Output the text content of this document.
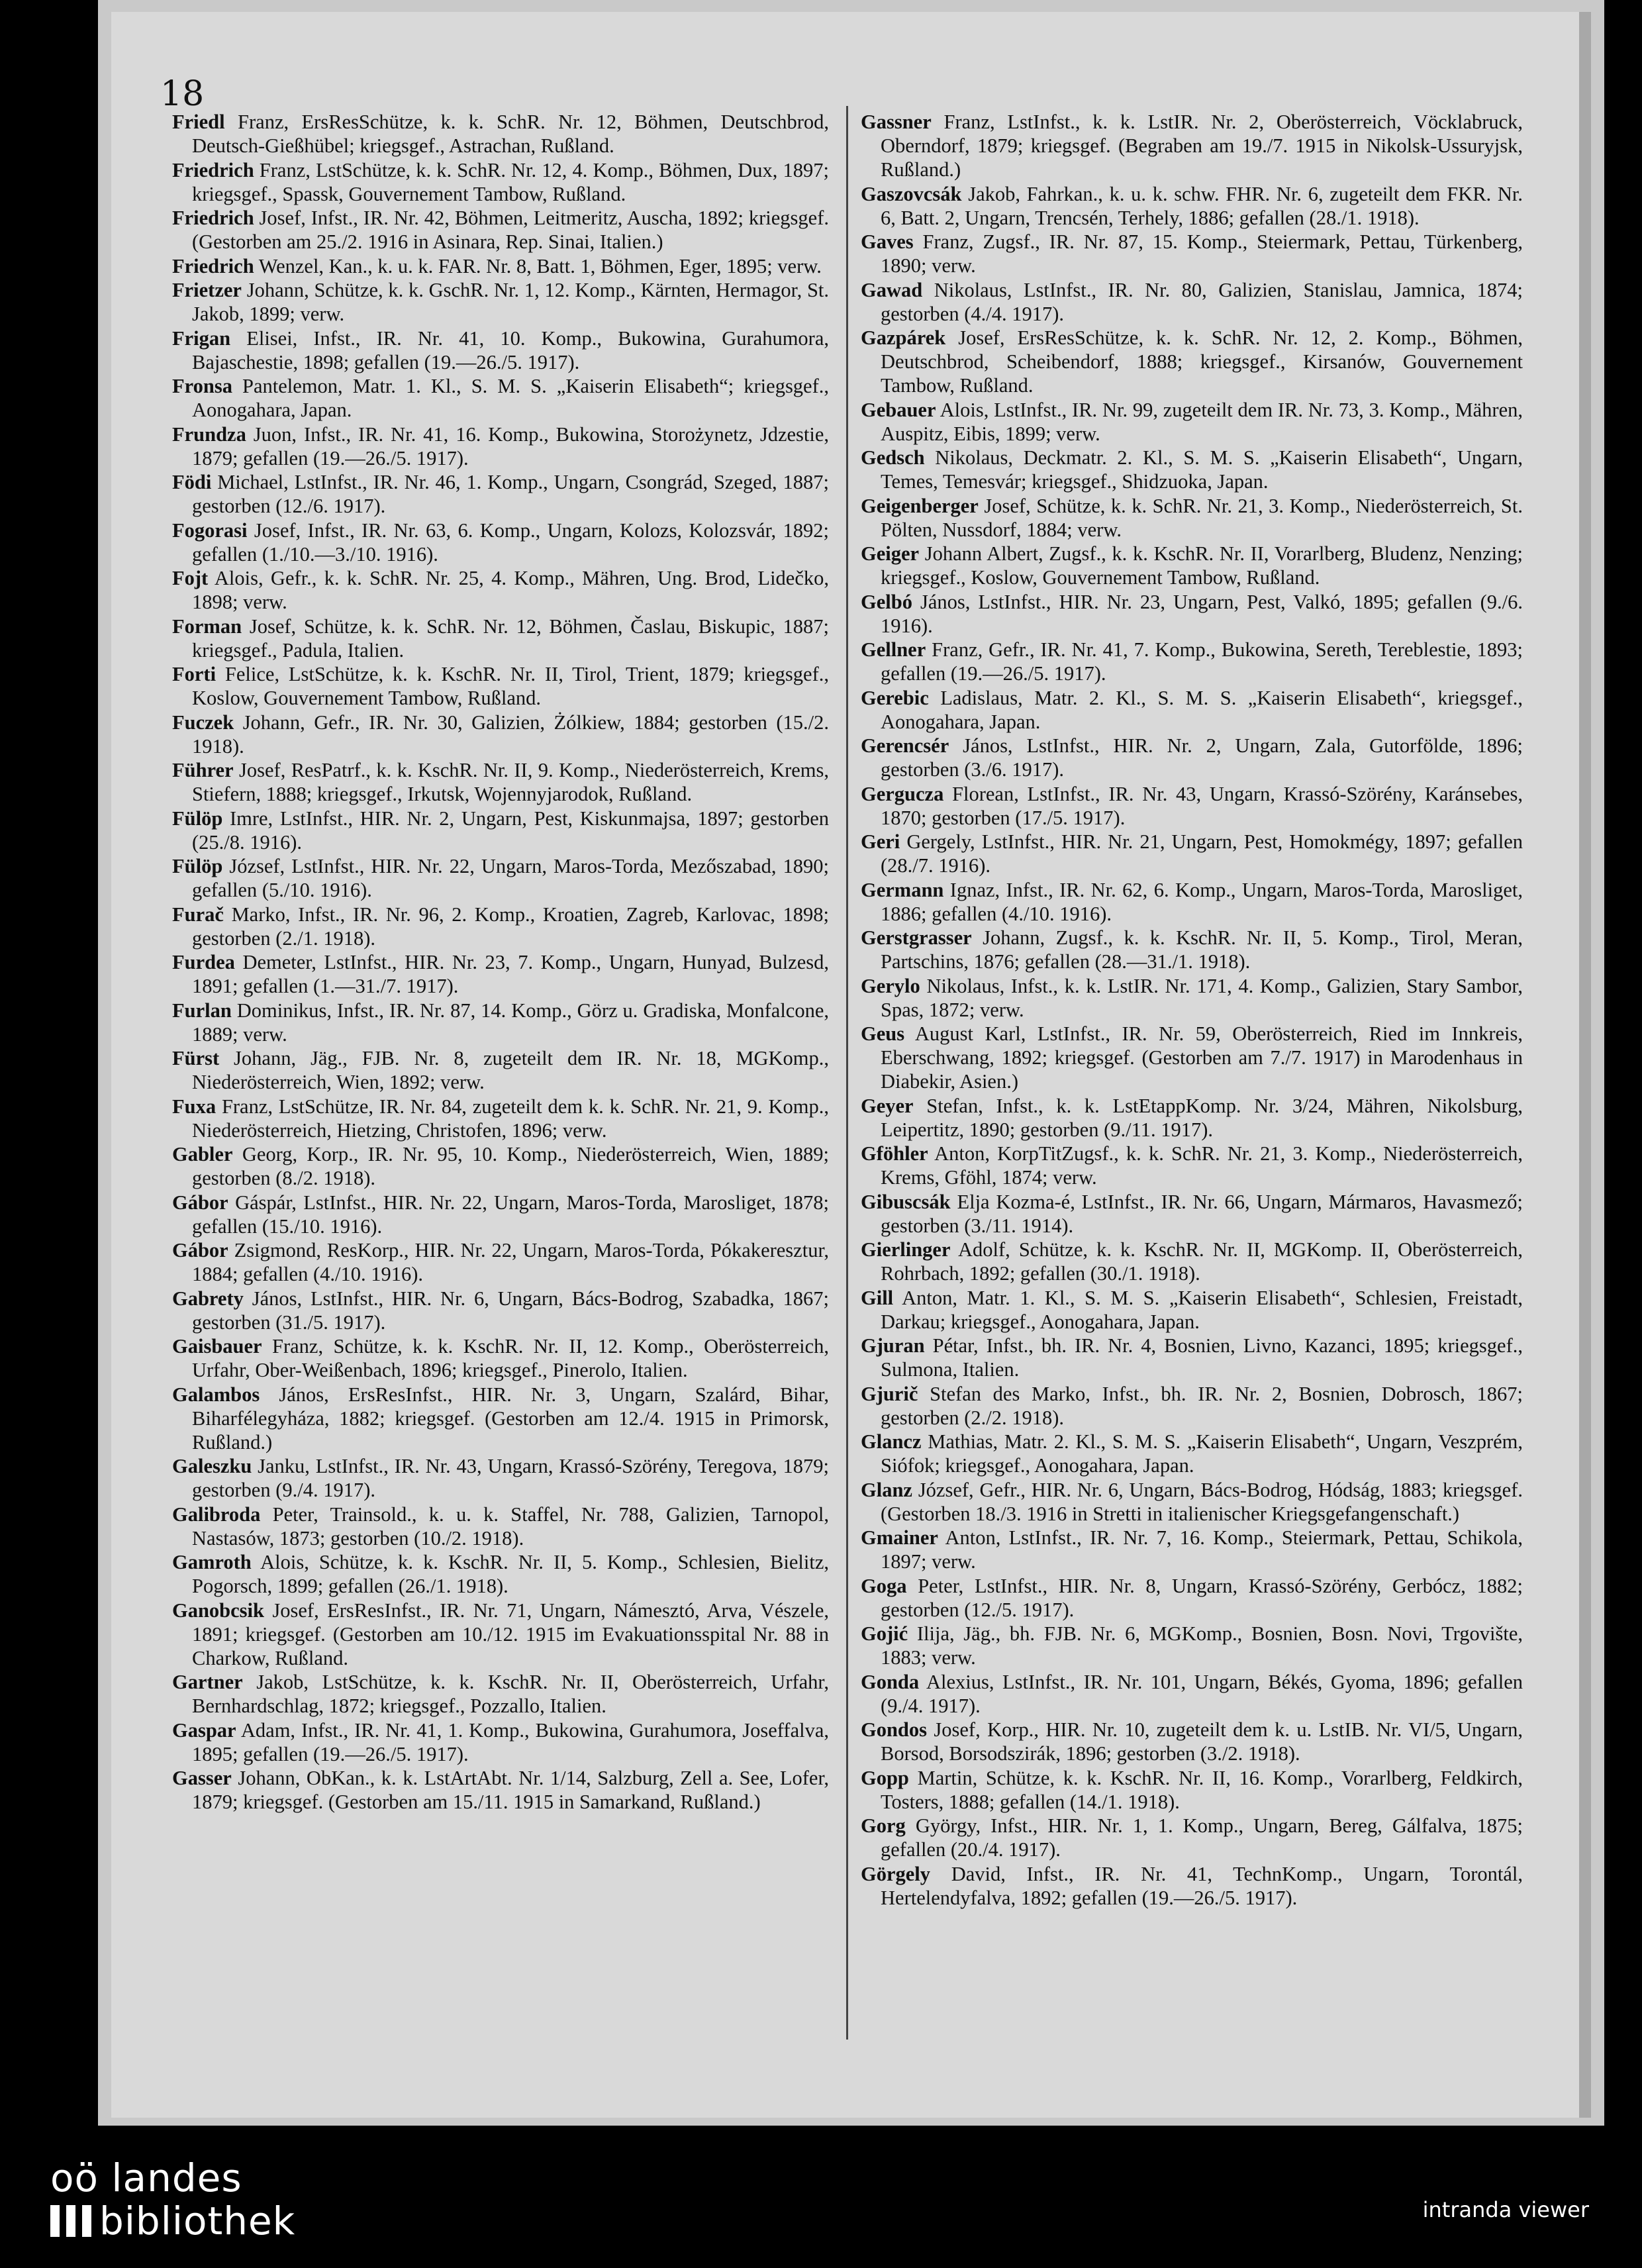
18
Friedl Franz, ErsResSchütze, k. k. SchR. Nr. 12, Böhmen, Deutschbrod, Deutsch-Gießhübel; kriegsgef., Astrachan, Rußland.
Friedrich Franz, LstSchütze, k. k. SchR. Nr. 12, 4. Komp., Böhmen, Dux, 1897; kriegsgef., Spassk, Gouvernement Tambow, Rußland.
Friedrich Josef, Infst., IR. Nr. 42, Böhmen, Leitmeritz, Auscha, 1892; kriegsgef. (Gestorben am 25./2. 1916 in Asinara, Rep. Sinai, Italien.)
Friedrich Wenzel, Kan., k. u. k. FAR. Nr. 8, Batt. 1, Böhmen, Eger, 1895; verw.
Frietzer Johann, Schütze, k. k. GschR. Nr. 1, 12. Komp., Kärnten, Hermagor, St. Jakob, 1899; verw.
Frigan Elisei, Infst., IR. Nr. 41, 10. Komp., Bukowina, Gurahumora, Bajaschestie, 1898; gefallen (19.—26./5. 1917).
Fronsa Pantelemon, Matr. 1. Kl., S. M. S. „Kaiserin Elisabeth“; kriegsgef., Aonogahara, Japan.
Frundza Juon, Infst., IR. Nr. 41, 16. Komp., Bukowina, Storożynetz, Jdzestie, 1879; gefallen (19.—26./5. 1917).
Födi Michael, LstInfst., IR. Nr. 46, 1. Komp., Ungarn, Csongrád, Szeged, 1887; gestorben (12./6. 1917).
Fogorasi Josef, Infst., IR. Nr. 63, 6. Komp., Ungarn, Kolozs, Kolozsvár, 1892; gefallen (1./10.—3./10. 1916).
Fojt Alois, Gefr., k. k. SchR. Nr. 25, 4. Komp., Mähren, Ung. Brod, Lidečko, 1898; verw.
Forman Josef, Schütze, k. k. SchR. Nr. 12, Böhmen, Časlau, Biskupic, 1887; kriegsgef., Padula, Italien.
Forti Felice, LstSchütze, k. k. KschR. Nr. II, Tirol, Trient, 1879; kriegsgef., Koslow, Gouvernement Tambow, Rußland.
Fuczek Johann, Gefr., IR. Nr. 30, Galizien, Żólkiew, 1884; gestorben (15./2. 1918).
Führer Josef, ResPatrf., k. k. KschR. Nr. II, 9. Komp., Niederösterreich, Krems, Stiefern, 1888; kriegsgef., Irkutsk, Wojennyjarodok, Rußland.
Fülöp Imre, LstInfst., HIR. Nr. 2, Ungarn, Pest, Kiskunmajsa, 1897; gestorben (25./8. 1916).
Fülöp József, LstInfst., HIR. Nr. 22, Ungarn, Maros-Torda, Mezőszabad, 1890; gefallen (5./10. 1916).
Furač Marko, Infst., IR. Nr. 96, 2. Komp., Kroatien, Zagreb, Karlovac, 1898; gestorben (2./1. 1918).
Furdea Demeter, LstInfst., HIR. Nr. 23, 7. Komp., Ungarn, Hunyad, Bulzesd, 1891; gefallen (1.—31./7. 1917).
Furlan Dominikus, Infst., IR. Nr. 87, 14. Komp., Görz u. Gradiska, Monfalcone, 1889; verw.
Fürst Johann, Jäg., FJB. Nr. 8, zugeteilt dem IR. Nr. 18, MGKomp., Niederösterreich, Wien, 1892; verw.
Fuxa Franz, LstSchütze, IR. Nr. 84, zugeteilt dem k. k. SchR. Nr. 21, 9. Komp., Niederösterreich, Hietzing, Christofen, 1896; verw.
Gabler Georg, Korp., IR. Nr. 95, 10. Komp., Niederösterreich, Wien, 1889; gestorben (8./2. 1918).
Gábor Gáspár, LstInfst., HIR. Nr. 22, Ungarn, Maros-Torda, Marosliget, 1878; gefallen (15./10. 1916).
Gábor Zsigmond, ResKorp., HIR. Nr. 22, Ungarn, Maros-Torda, Pókakeresztur, 1884; gefallen (4./10. 1916).
Gabrety János, LstInfst., HIR. Nr. 6, Ungarn, Bács-Bodrog, Szabadka, 1867; gestorben (31./5. 1917).
Gaisbauer Franz, Schütze, k. k. KschR. Nr. II, 12. Komp., Oberösterreich, Urfahr, Ober-Weißenbach, 1896; kriegsgef., Pinerolo, Italien.
Galambos János, ErsResInfst., HIR. Nr. 3, Ungarn, Szalárd, Bihar, Biharfélegyháza, 1882; kriegsgef. (Gestorben am 12./4. 1915 in Primorsk, Rußland.)
Galeszku Janku, LstInfst., IR. Nr. 43, Ungarn, Krassó-Szörény, Teregova, 1879; gestorben (9./4. 1917).
Galibroda Peter, Trainsold., k. u. k. Staffel, Nr. 788, Galizien, Tarnopol, Nastasów, 1873; gestorben (10./2. 1918).
Gamroth Alois, Schütze, k. k. KschR. Nr. II, 5. Komp., Schlesien, Bielitz, Pogorsch, 1899; gefallen (26./1. 1918).
Ganobcsik Josef, ErsResInfst., IR. Nr. 71, Ungarn, Námesztó, Arva, Vészele, 1891; kriegsgef. (Gestorben am 10./12. 1915 im Evakuationsspital Nr. 88 in Charkow, Rußland.
Gartner Jakob, LstSchütze, k. k. KschR. Nr. II, Oberösterreich, Urfahr, Bernhardschlag, 1872; kriegsgef., Pozzallo, Italien.
Gaspar Adam, Infst., IR. Nr. 41, 1. Komp., Bukowina, Gurahumora, Josеffalva, 1895; gefallen (19.—26./5. 1917).
Gasser Johann, ObKan., k. k. LstArtAbt. Nr. 1/14, Salzburg, Zell a. See, Lofer, 1879; kriegsgef. (Gestorben am 15./11. 1915 in Samarkand, Rußland.)
Gassner Franz, LstInfst., k. k. LstIR. Nr. 2, Oberösterreich, Vöcklabruck, Oberndorf, 1879; kriegsgef. (Begraben am 19./7. 1915 in Nikolsk-Ussuryjsk, Rußland.)
Gaszovcsák Jakob, Fahrkan., k. u. k. schw. FHR. Nr. 6, zugeteilt dem FKR. Nr. 6, Batt. 2, Ungarn, Trencsén, Terhely, 1886; gefallen (28./1. 1918).
Gaves Franz, Zugsf., IR. Nr. 87, 15. Komp., Steiermark, Pettau, Türkenberg, 1890; verw.
Gawad Nikolaus, LstInfst., IR. Nr. 80, Galizien, Stanislau, Jamnica, 1874; gestorben (4./4. 1917).
Gazpárek Josef, ErsResSchütze, k. k. SchR. Nr. 12, 2. Komp., Böhmen, Deutschbrod, Scheibendorf, 1888; kriegsgef., Kirsanów, Gouvernement Tambow, Rußland.
Gebauer Alois, LstInfst., IR. Nr. 99, zugeteilt dem IR. Nr. 73, 3. Komp., Mähren, Auspitz, Eibis, 1899; verw.
Gedsch Nikolaus, Deckmatr. 2. Kl., S. M. S. „Kaiserin Elisabeth“, Ungarn, Temes, Temesvár; kriegsgef., Shidzuoka, Japan.
Geigenberger Josef, Schütze, k. k. SchR. Nr. 21, 3. Komp., Niederösterreich, St. Pölten, Nussdorf, 1884; verw.
Geiger Johann Albert, Zugsf., k. k. KschR. Nr. II, Vorarlberg, Bludenz, Nenzing; kriegsgef., Koslow, Gouvernement Tambow, Rußland.
Gelbó János, LstInfst., HIR. Nr. 23, Ungarn, Pest, Valkó, 1895; gefallen (9./6. 1916).
Gellner Franz, Gefr., IR. Nr. 41, 7. Komp., Bukowina, Sereth, Tereblestie, 1893; gefallen (19.—26./5. 1917).
Gerebic Ladislaus, Matr. 2. Kl., S. M. S. „Kaiserin Elisabeth“, kriegsgef., Aonogahara, Japan.
Gerencsér János, LstInfst., HIR. Nr. 2, Ungarn, Zala, Gutorfölde, 1896; gestorben (3./6. 1917).
Gergucza Florean, LstInfst., IR. Nr. 43, Ungarn, Krassó-Szörény, Karánsebes, 1870; gestorben (17./5. 1917).
Geri Gergely, LstInfst., HIR. Nr. 21, Ungarn, Pest, Homokmégy, 1897; gefallen (28./7. 1916).
Germann Ignaz, Infst., IR. Nr. 62, 6. Komp., Ungarn, Maros-Torda, Marosliget, 1886; gefallen (4./10. 1916).
Gerstgrasser Johann, Zugsf., k. k. KschR. Nr. II, 5. Komp., Tirol, Meran, Partschins, 1876; gefallen (28.—31./1. 1918).
Gerylo Nikolaus, Infst., k. k. LstIR. Nr. 171, 4. Komp., Galizien, Stary Sambor, Spas, 1872; verw.
Geus August Karl, LstInfst., IR. Nr. 59, Oberösterreich, Ried im Innkreis, Eberschwang, 1892; kriegsgef. (Gestorben am 7./7. 1917) in Marodenhaus in Diabekir, Asien.)
Geyer Stefan, Infst., k. k. LstEtappKomp. Nr. 3/24, Mähren, Nikolsburg, Leipertitz, 1890; gestorben (9./11. 1917).
Gföhler Anton, KorpTitZugsf., k. k. SchR. Nr. 21, 3. Komp., Niederösterreich, Krems, Gföhl, 1874; verw.
Gibuscsák Elja Kozma-é, LstInfst., IR. Nr. 66, Ungarn, Mármaros, Havasmező; gestorben (3./11. 1914).
Gierlinger Adolf, Schütze, k. k. KschR. Nr. II, MGKomp. II, Oberösterreich, Rohrbach, 1892; gefallen (30./1. 1918).
Gill Anton, Matr. 1. Kl., S. M. S. „Kaiserin Elisabeth“, Schlesien, Freistadt, Darkau; kriegsgef., Aonogahara, Japan.
Gjuran Pétar, Infst., bh. IR. Nr. 4, Bosnien, Livno, Kazanci, 1895; kriegsgef., Sulmona, Italien.
Gjurič Stefan des Marko, Infst., bh. IR. Nr. 2, Bosnien, Dobrosch, 1867; gestorben (2./2. 1918).
Glancz Mathias, Matr. 2. Kl., S. M. S. „Kaiserin Elisabeth“, Ungarn, Veszprém, Siófok; kriegsgef., Aonogahara, Japan.
Glanz József, Gefr., HIR. Nr. 6, Ungarn, Bács-Bodrog, Hódság, 1883; kriegsgef. (Gestorben 18./3. 1916 in Stretti in italienischer Kriegsgefangenschaft.)
Gmainer Anton, LstInfst., IR. Nr. 7, 16. Komp., Steiermark, Pettau, Schikola, 1897; verw.
Goga Peter, LstInfst., HIR. Nr. 8, Ungarn, Krassó-Szörény, Gerbócz, 1882; gestorben (12./5. 1917).
Gojić Ilija, Jäg., bh. FJB. Nr. 6, MGKomp., Bosnien, Bosn. Novi, Trgovište, 1883; verw.
Gonda Alexius, LstInfst., IR. Nr. 101, Ungarn, Békés, Gyoma, 1896; gefallen (9./4. 1917).
Gondos Josef, Korp., HIR. Nr. 10, zugeteilt dem k. u. LstIB. Nr. VI/5, Ungarn, Borsod, Borsodszirák, 1896; gestorben (3./2. 1918).
Gopp Martin, Schütze, k. k. KschR. Nr. II, 16. Komp., Vorarlberg, Feldkirch, Tosters, 1888; gefallen (14./1. 1918).
Gorg György, Infst., HIR. Nr. 1, 1. Komp., Ungarn, Bereg, Gálfalva, 1875; gefallen (20./4. 1917).
Görgely David, Infst., IR. Nr. 41, TechnKomp., Ungarn, Torontál, Hertelendyfalva, 1892; gefallen (19.—26./5. 1917).
oö landes
bibliothek	intranda viewer
